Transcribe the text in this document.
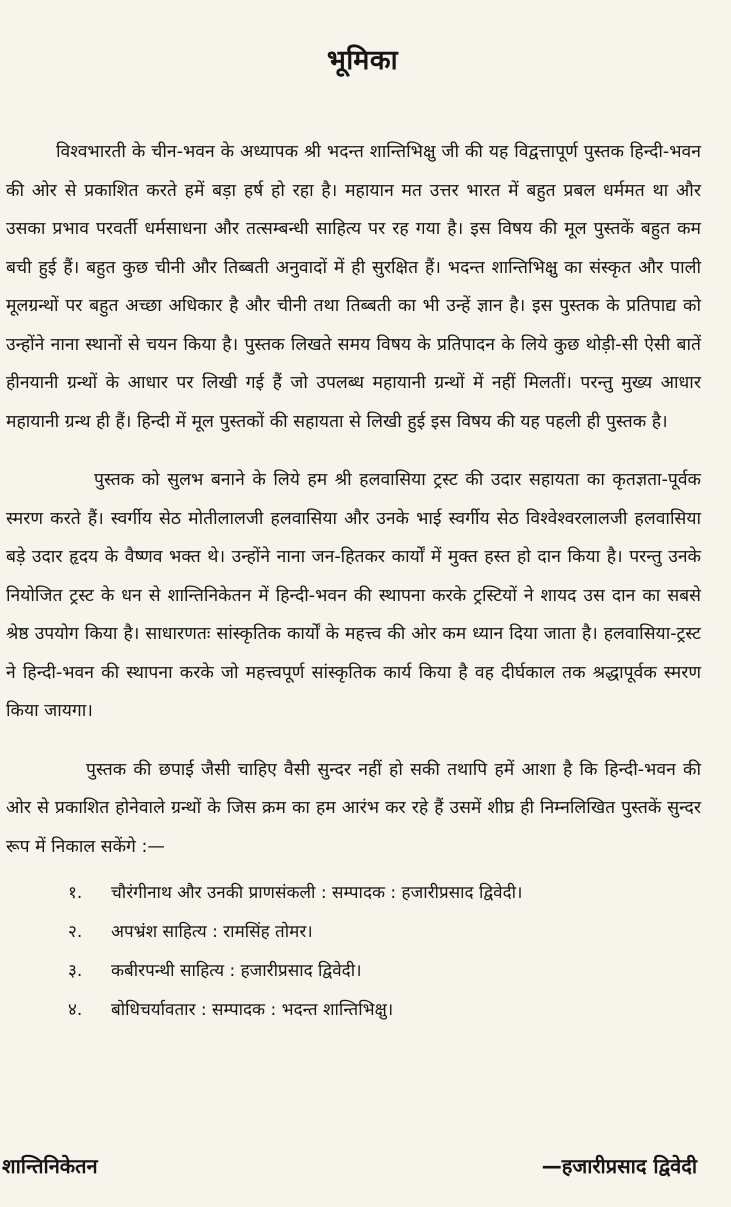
भूमिका

विश्वभारती के चीन-भवन के अध्यापक श्री भदन्त शान्तिभिक्षु जी की यह विद्वत्तापूर्ण पुस्तक हिन्दी-भवन की ओर से प्रकाशित करते हमें बड़ा हर्ष हो रहा है। महायान मत उत्तर भारत में बहुत प्रबल धर्ममत था और उसका प्रभाव परवर्ती धर्मसाधना और तत्सम्बन्धी साहित्य पर रह गया है। इस विषय की मूल पुस्तकें बहुत कम बची हुई हैं। बहुत कुछ चीनी और तिब्बती अनुवादों में ही सुरक्षित हैं। भदन्त शान्तिभिक्षु का संस्कृत और पाली मूलग्रन्थों पर बहुत अच्छा अधिकार है और चीनी तथा तिब्बती का भी उन्हें ज्ञान है। इस पुस्तक के प्रतिपाद्य को उन्होंने नाना स्थानों से चयन किया है। पुस्तक लिखते समय विषय के प्रतिपादन के लिये कुछ थोड़ी-सी ऐसी बातें हीनयानी ग्रन्थों के आधार पर लिखी गई हैं जो उपलब्ध महायानी ग्रन्थों में नहीं मिलतीं। परन्तु मुख्य आधार महायानी ग्रन्थ ही हैं। हिन्दी में मूल पुस्तकों की सहायता से लिखी हुई इस विषय की यह पहली ही पुस्तक है।

पुस्तक को सुलभ बनाने के लिये हम श्री हलवासिया ट्रस्ट की उदार सहायता का कृतज्ञता-पूर्वक स्मरण करते हैं। स्वर्गीय सेठ मोतीलालजी हलवासिया और उनके भाई स्वर्गीय सेठ विश्वेश्वरलालजी हलवासिया बड़े उदार हृदय के वैष्णव भक्त थे। उन्होंने नाना जन-हितकर कार्यों में मुक्त हस्त हो दान किया है। परन्तु उनके नियोजित ट्रस्ट के धन से शान्तिनिकेतन में हिन्दी-भवन की स्थापना करके ट्रस्टियों ने शायद उस दान का सबसे श्रेष्ठ उपयोग किया है। साधारणतः सांस्कृतिक कार्यों के महत्त्व की ओर कम ध्यान दिया जाता है। हलवासिया-ट्रस्ट ने हिन्दी-भवन की स्थापना करके जो महत्त्वपूर्ण सांस्कृतिक कार्य किया है वह दीर्घकाल तक श्रद्धापूर्वक स्मरण किया जायगा।

पुस्तक की छपाई जैसी चाहिए वैसी सुन्दर नहीं हो सकी तथापि हमें आशा है कि हिन्दी-भवन की ओर से प्रकाशित होनेवाले ग्रन्थों के जिस क्रम का हम आरंभ कर रहे हैं उसमें शीघ्र ही निम्नलिखित पुस्तकें सुन्दर रूप में निकाल सकेंगे :—

१.	चौरंगीनाथ और उनकी प्राणसंकली : सम्पादक : हजारीप्रसाद द्विवेदी।
२.	अपभ्रंश साहित्य : रामसिंह तोमर।
३.	कबीरपन्थी साहित्य : हजारीप्रसाद द्विवेदी।
४.	बोधिचर्यावतार : सम्पादक : भदन्त शान्तिभिक्षु।
शान्तिनिकेतन	—हजारीप्रसाद द्विवेदी
